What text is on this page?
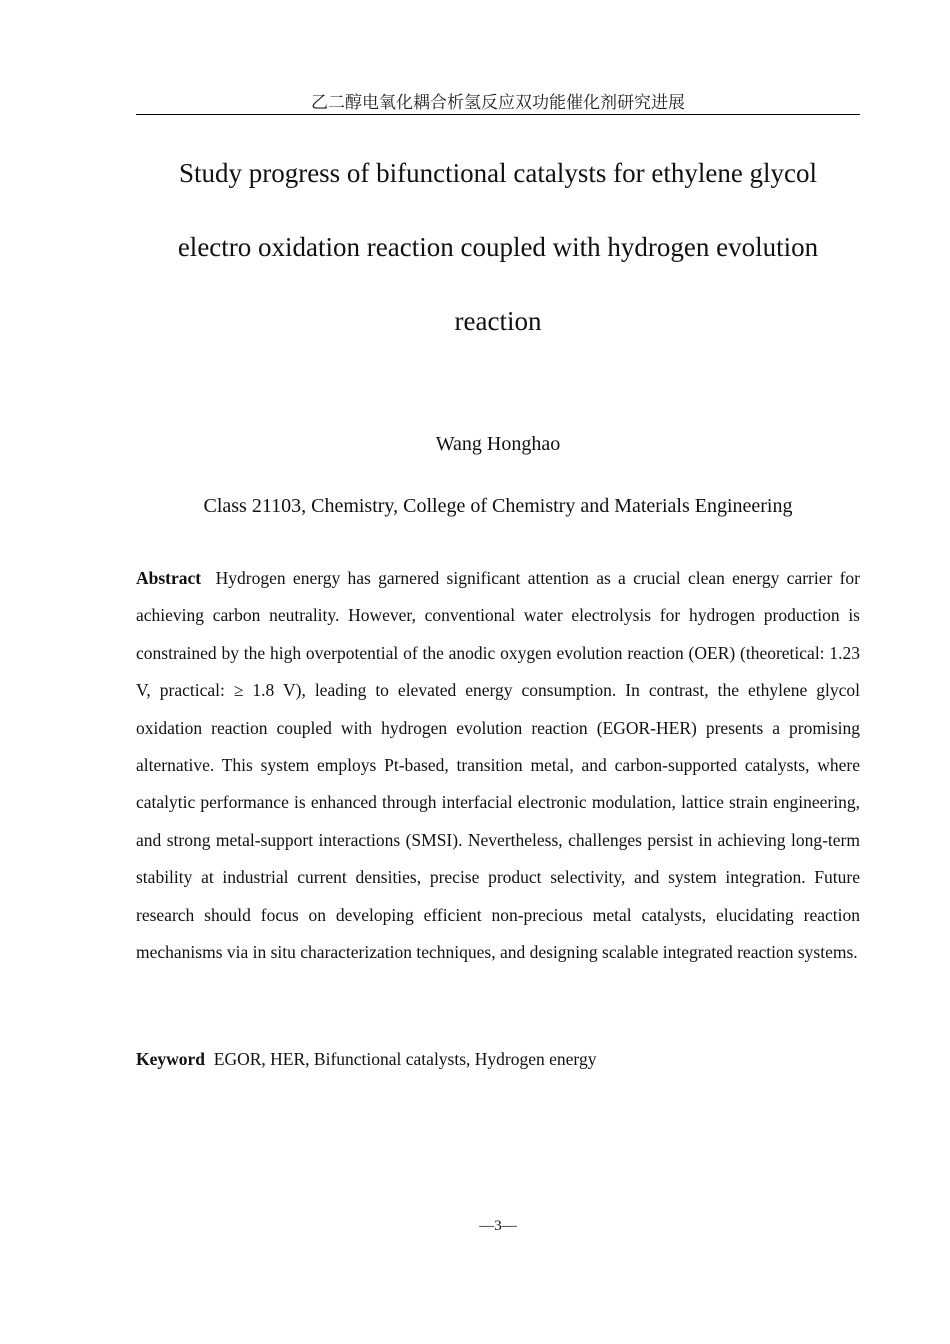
乙二醇电氧化耦合析氢反应双功能催化剂研究进展
Study progress of bifunctional catalysts for ethylene glycol
electro oxidation reaction coupled with hydrogen evolution
reaction
Wang Honghao
Class 21103, Chemistry, College of Chemistry and Materials Engineering

Abstract Hydrogen energy has garnered significant attention as a crucial clean energy carrier for achieving carbon neutrality. However, conventional water electrolysis for hydrogen production is constrained by the high overpotential of the anodic oxygen evolution reaction (OER) (theoretical: 1.23 V, practical: ≥ 1.8 V), leading to elevated energy consumption. In contrast, the ethylene glycol oxidation reaction coupled with hydrogen evolution reaction (EGOR-HER) presents a promising alternative. This system employs Pt-based, transition metal, and carbon-supported catalysts, where catalytic performance is enhanced through interfacial electronic modulation, lattice strain engineering, and strong metal-support interactions (SMSI). Nevertheless, challenges persist in achieving long-term stability at industrial current densities, precise product selectivity, and system integration. Future research should focus on developing efficient non-precious metal catalysts, elucidating reaction mechanisms via in situ characterization techniques, and designing scalable integrated reaction systems.

Keyword EGOR, HER, Bifunctional catalysts, Hydrogen energy
—3—
